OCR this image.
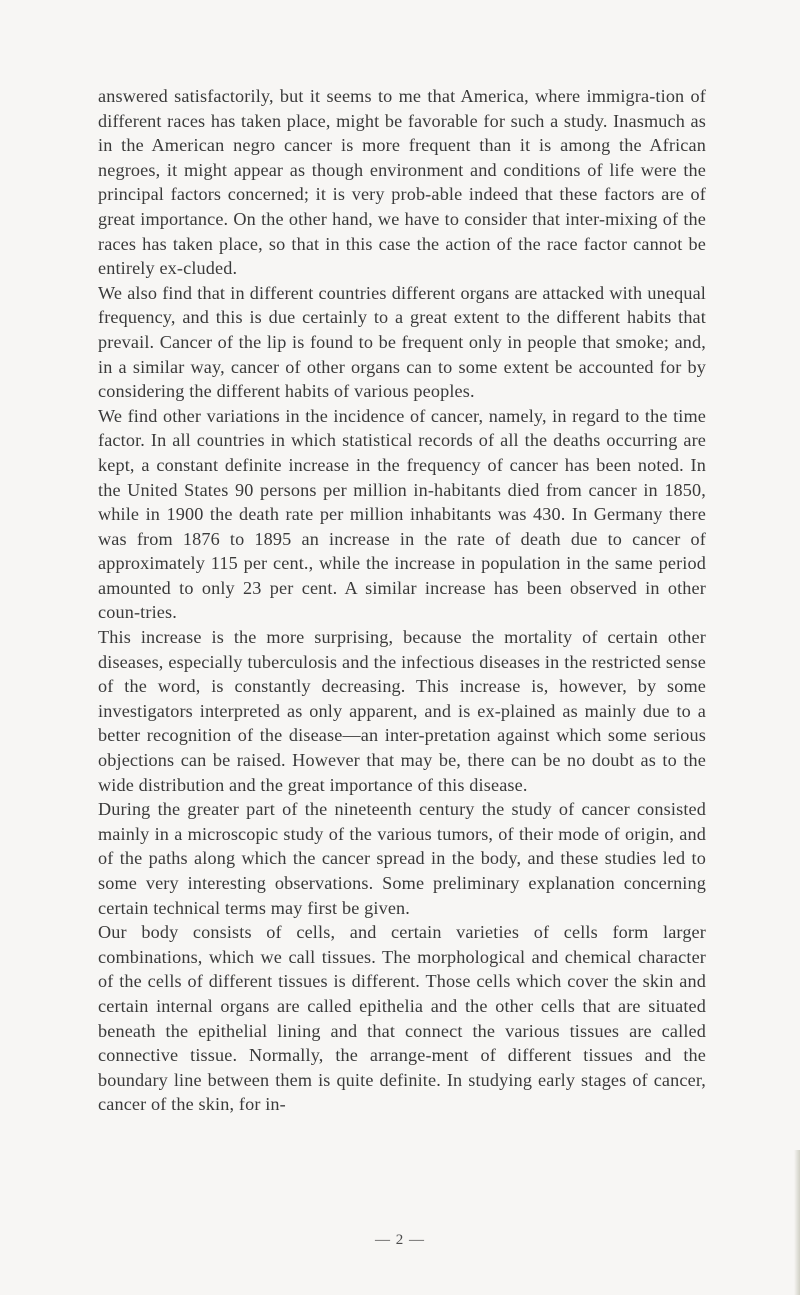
answered satisfactorily, but it seems to me that America, where immigra-tion of different races has taken place, might be favorable for such a study. Inasmuch as in the American negro cancer is more frequent than it is among the African negroes, it might appear as though environment and conditions of life were the principal factors concerned; it is very prob-able indeed that these factors are of great importance. On the other hand, we have to consider that inter-mixing of the races has taken place, so that in this case the action of the race factor cannot be entirely ex-cluded.

We also find that in different countries different organs are attacked with unequal frequency, and this is due certainly to a great extent to the different habits that prevail. Cancer of the lip is found to be frequent only in people that smoke; and, in a similar way, cancer of other organs can to some extent be accounted for by considering the different habits of various peoples.

We find other variations in the incidence of cancer, namely, in regard to the time factor. In all countries in which statistical records of all the deaths occurring are kept, a constant definite increase in the frequency of cancer has been noted. In the United States 90 persons per million in-habitants died from cancer in 1850, while in 1900 the death rate per million inhabitants was 430. In Germany there was from 1876 to 1895 an increase in the rate of death due to cancer of approximately 115 per cent., while the increase in population in the same period amounted to only 23 per cent. A similar increase has been observed in other coun-tries.

This increase is the more surprising, because the mortality of certain other diseases, especially tuberculosis and the infectious diseases in the restricted sense of the word, is constantly decreasing. This increase is, however, by some investigators interpreted as only apparent, and is ex-plained as mainly due to a better recognition of the disease—an inter-pretation against which some serious objections can be raised. However that may be, there can be no doubt as to the wide distribution and the great importance of this disease.

During the greater part of the nineteenth century the study of cancer consisted mainly in a microscopic study of the various tumors, of their mode of origin, and of the paths along which the cancer spread in the body, and these studies led to some very interesting observations. Some preliminary explanation concerning certain technical terms may first be given.

Our body consists of cells, and certain varieties of cells form larger combinations, which we call tissues. The morphological and chemical character of the cells of different tissues is different. Those cells which cover the skin and certain internal organs are called epithelia and the other cells that are situated beneath the epithelial lining and that connect the various tissues are called connective tissue. Normally, the arrange-ment of different tissues and the boundary line between them is quite definite. In studying early stages of cancer, cancer of the skin, for in-

— 2 —
